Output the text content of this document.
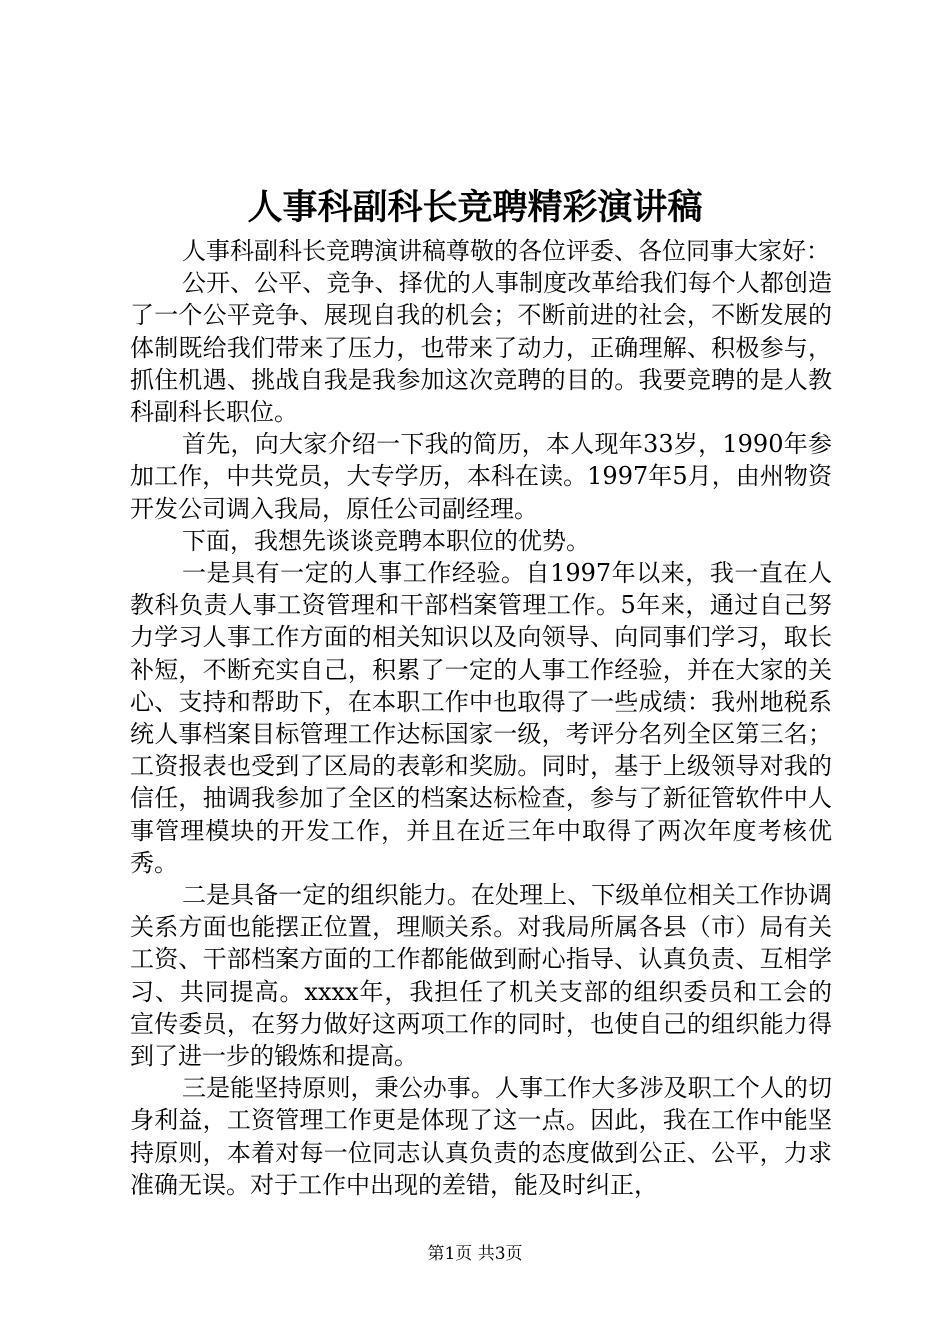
人事科副科长竞聘精彩演讲稿

人事科副科长竞聘演讲稿尊敬的各位评委、各位同事大家好：

公开、公平、竞争、择优的人事制度改革给我们每个人都创造了一个公平竞争、展现自我的机会；不断前进的社会，不断发展的体制既给我们带来了压力，也带来了动力，正确理解、积极参与，抓住机遇、挑战自我是我参加这次竞聘的目的。我要竞聘的是人教科副科长职位。

首先，向大家介绍一下我的简历，本人现年33岁，1990年参加工作，中共党员，大专学历，本科在读。1997年5月，由州物资开发公司调入我局，原任公司副经理。

下面，我想先谈谈竞聘本职位的优势。

一是具有一定的人事工作经验。自1997年以来，我一直在人教科负责人事工资管理和干部档案管理工作。5年来，通过自己努力学习人事工作方面的相关知识以及向领导、向同事们学习，取长补短，不断充实自己，积累了一定的人事工作经验，并在大家的关心、支持和帮助下，在本职工作中也取得了一些成绩：我州地税系统人事档案目标管理工作达标国家一级，考评分名列全区第三名；工资报表也受到了区局的表彰和奖励。同时，基于上级领导对我的信任，抽调我参加了全区的档案达标检查，参与了新征管软件中人事管理模块的开发工作，并且在近三年中取得了两次年度考核优秀。

二是具备一定的组织能力。在处理上、下级单位相关工作协调关系方面也能摆正位置，理顺关系。对我局所属各县（市）局有关工资、干部档案方面的工作都能做到耐心指导、认真负责、互相学习、共同提高。xxxx年，我担任了机关支部的组织委员和工会的宣传委员，在努力做好这两项工作的同时，也使自己的组织能力得到了进一步的锻炼和提高。

三是能坚持原则，秉公办事。人事工作大多涉及职工个人的切身利益，工资管理工作更是体现了这一点。因此，我在工作中能坚持原则，本着对每一位同志认真负责的态度做到公正、公平，力求准确无误。对于工作中出现的差错，能及时纠正，

第1页 共3页
